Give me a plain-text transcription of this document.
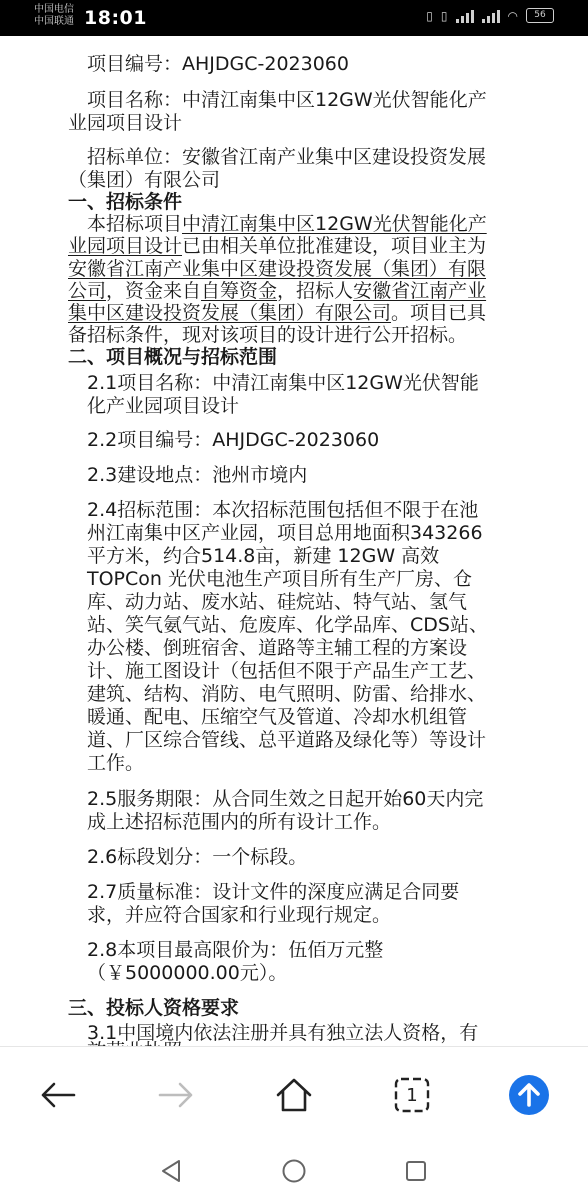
中国电信
中国联通 18:01	▯ ▯	◠	56
项目编号：AHJDGC-2023060
项目名称：中清江南集中区12GW光伏智能化产
业园项目设计
招标单位：安徽省江南产业集中区建设投资发展
（集团）有限公司
一、招标条件
本招标项目中清江南集中区12GW光伏智能化产
业园项目设计已由相关单位批准建设，项目业主为
安徽省江南产业集中区建设投资发展（集团）有限
公司，资金来自自筹资金，招标人安徽省江南产业
集中区建设投资发展（集团）有限公司。项目已具
备招标条件，现对该项目的设计进行公开招标。
二、项目概况与招标范围
2.1项目名称：中清江南集中区12GW光伏智能
化产业园项目设计
2.2项目编号：AHJDGC-2023060
2.3建设地点：池州市境内
2.4招标范围：本次招标范围包括但不限于在池
州江南集中区产业园，项目总用地面积343266
平方米，约合514.8亩，新建 12GW 高效
TOPCon 光伏电池生产项目所有生产厂房、仓
库、动力站、废水站、硅烷站、特气站、氢气
站、笑气氨气站、危废库、化学品库、CDS站、
办公楼、倒班宿舍、道路等主辅工程的方案设
计、施工图设计（包括但不限于产品生产工艺、
建筑、结构、消防、电气照明、防雷、给排水、
暖通、配电、压缩空气及管道、冷却水机组管
道、厂区综合管线、总平道路及绿化等）等设计
工作。
2.5服务期限：从合同生效之日起开始60天内完
成上述招标范围内的所有设计工作。
2.6标段划分：一个标段。
2.7质量标准：设计文件的深度应满足合同要
求，并应符合国家和行业现行规定。
2.8本项目最高限价为：伍佰万元整
（￥5000000.00元）。
三、投标人资格要求
3.1中国境内依法注册并具有独立法人资格，有
1
